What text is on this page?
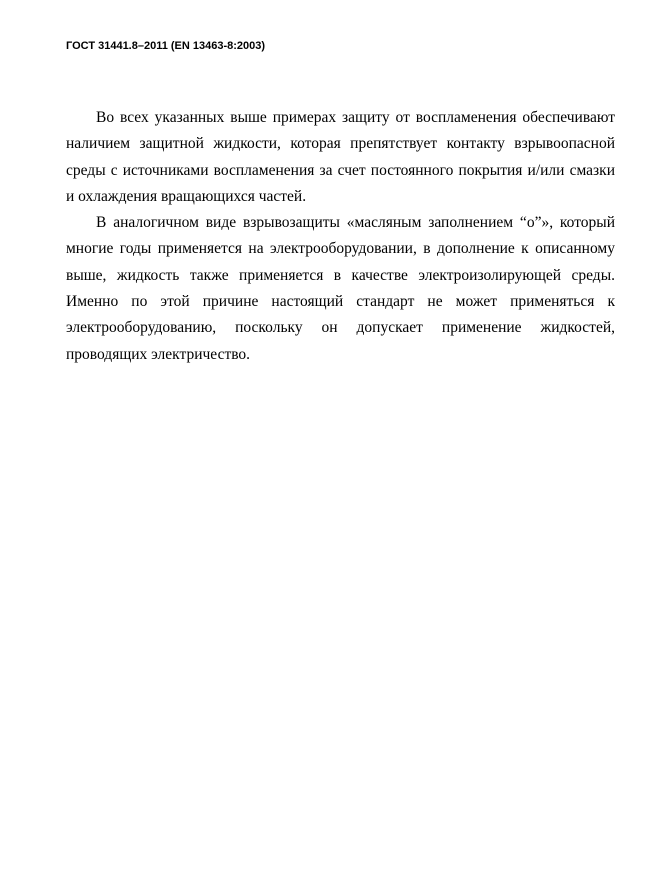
ГОСТ 31441.8–2011 (EN 13463-8:2003)

Во всех указанных выше примерах защиту от воспламенения обеспечивают наличием защитной жидкости, которая препятствует контакту взрывоопасной среды с источниками воспламенения за счет постоянного покрытия и/или смазки и охлаждения вращающихся частей.

В аналогичном виде взрывозащиты «масляным заполнением “o”», который многие годы применяется на электрооборудовании, в дополнение к описанному выше, жидкость также применяется в качестве электроизолирующей среды. Именно по этой причине настоящий стандарт не может применяться к электрооборудованию, поскольку он допускает применение жидкостей, проводящих электричество.
